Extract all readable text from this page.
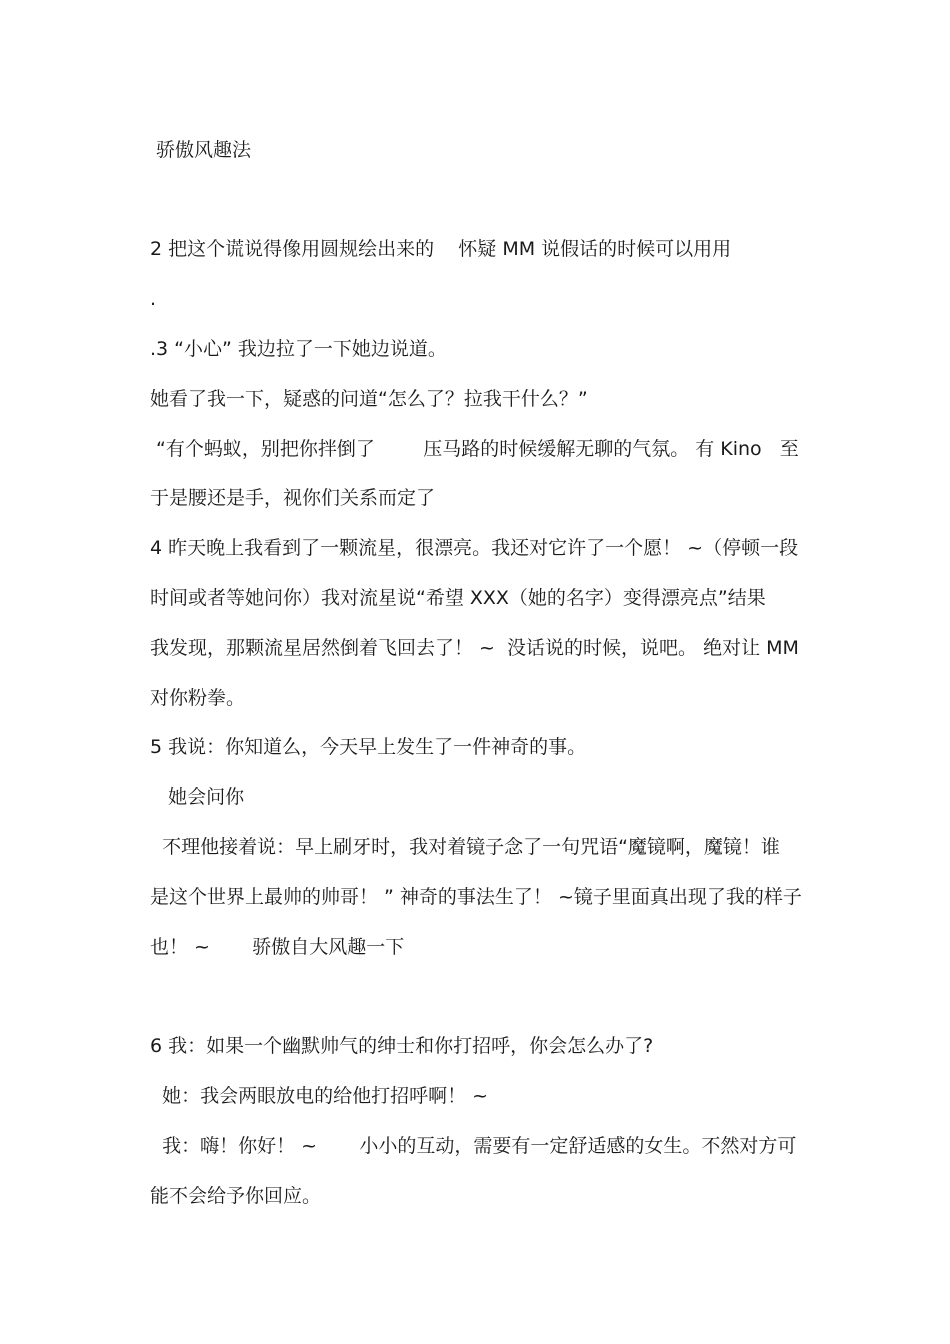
骄傲风趣法
2 把这个谎说得像用圆规绘出来的    怀疑 MM 说假话的时候可以用用
.
.3 “小心” 我边拉了一下她边说道。
她看了我一下，疑惑的问道“怎么了？拉我干什么？”
“有个蚂蚁，别把你拌倒了        压马路的时候缓解无聊的气氛。 有 Kino   至
于是腰还是手，视你们关系而定了
4 昨天晚上我看到了一颗流星，很漂亮。我还对它许了一个愿！ ~（停顿一段
时间或者等她问你）我对流星说“希望 XXX（她的名字）变得漂亮点”结果
我发现，那颗流星居然倒着飞回去了！ ~  没话说的时候，说吧。 绝对让 MM
对你粉拳。
5 我说：你知道么，今天早上发生了一件神奇的事。
她会问你
不理他接着说：早上刷牙时，我对着镜子念了一句咒语“魔镜啊，魔镜！谁
是这个世界上最帅的帅哥！ ” 神奇的事法生了！ ~镜子里面真出现了我的样子
也！ ~       骄傲自大风趣一下
6 我：如果一个幽默帅气的绅士和你打招呼，你会怎么办了?
她：我会两眼放电的给他打招呼啊！ ~
我：嗨！你好！ ~       小小的互动，需要有一定舒适感的女生。不然对方可
能不会给予你回应。
